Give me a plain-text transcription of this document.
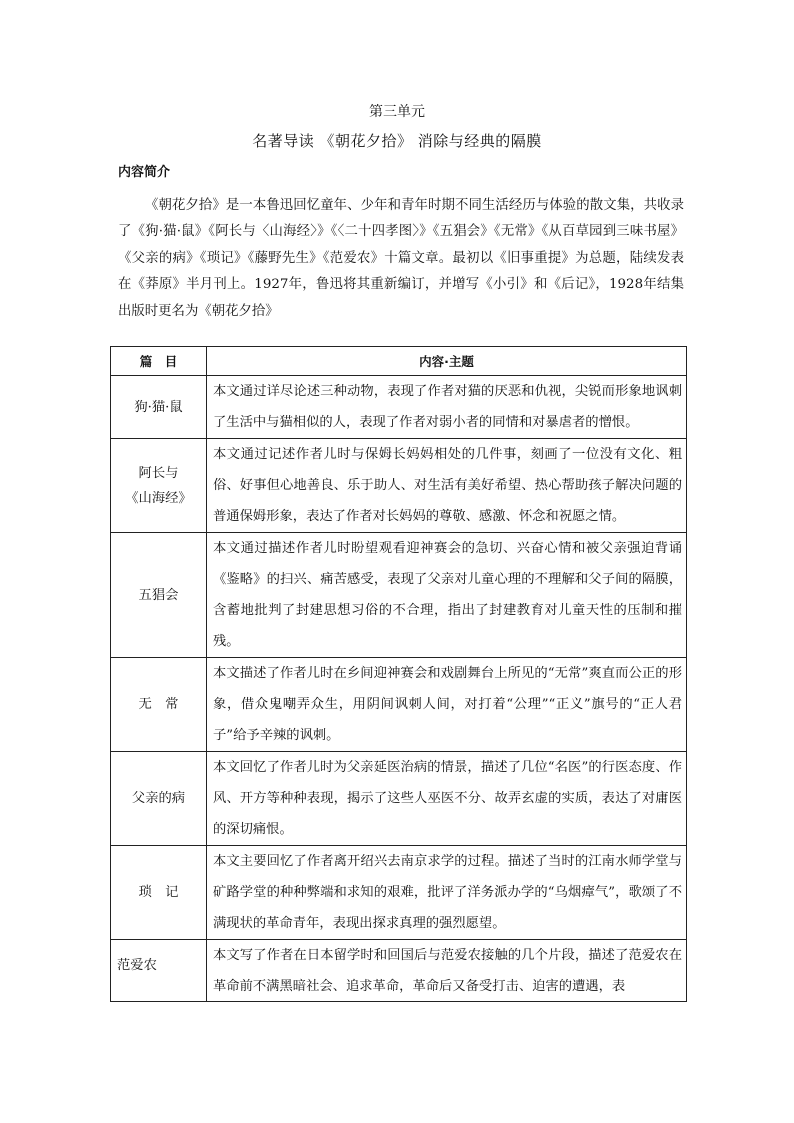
第三单元
名著导读 《朝花夕拾》 消除与经典的隔膜
内容简介

《朝花夕拾》是一本鲁迅回忆童年、少年和青年时期不同生活经历与体验的散文集，共收录了《狗·猫·鼠》《阿长与〈山海经〉》《〈二十四孝图〉》《五猖会》《无常》《从百草园到三味书屋》《父亲的病》《琐记》《藤野先生》《范爱农》十篇文章。最初以《旧事重提》为总题，陆续发表在《莽原》半月刊上。1927年，鲁迅将其重新编订，并增写《小引》和《后记》，1928年结集出版时更名为《朝花夕拾》

篇　目	内容·主题
狗·猫·鼠	本文通过详尽论述三种动物，表现了作者对猫的厌恶和仇视，尖锐而形象地讽刺了生活中与猫相似的人，表现了作者对弱小者的同情和对暴虐者的憎恨。

阿长与
《山海经》	本文通过记述作者儿时与保姆长妈妈相处的几件事，刻画了一位没有文化、粗俗、好事但心地善良、乐于助人、对生活有美好希望、热心帮助孩子解决问题的普通保姆形象，表达了作者对长妈妈的尊敬、感激、怀念和祝愿之情。
五猖会	本文通过描述作者儿时盼望观看迎神赛会的急切、兴奋心情和被父亲强迫背诵《鉴略》的扫兴、痛苦感受，表现了父亲对儿童心理的不理解和父子间的隔膜，含蓄地批判了封建思想习俗的不合理，指出了封建教育对儿童天性的压制和摧残。
无　常	本文描述了作者儿时在乡间迎神赛会和戏剧舞台上所见的“无常”爽直而公正的形象，借众鬼嘲弄众生，用阴间讽刺人间，对打着“公理”“正义”旗号的“正人君子”给予辛辣的讽刺。
父亲的病	本文回忆了作者儿时为父亲延医治病的情景，描述了几位“名医”的行医态度、作风、开方等种种表现，揭示了这些人巫医不分、故弄玄虚的实质，表达了对庸医的深切痛恨。
琐　记	本文主要回忆了作者离开绍兴去南京求学的过程。描述了当时的江南水师学堂与矿路学堂的种种弊端和求知的艰难，批评了洋务派办学的“乌烟瘴气”，歌颂了不满现状的革命青年，表现出探求真理的强烈愿望。
范爱农	本文写了作者在日本留学时和回国后与范爱农接触的几个片段，描述了范爱农在革命前不满黑暗社会、追求革命，革命后又备受打击、迫害的遭遇，表
